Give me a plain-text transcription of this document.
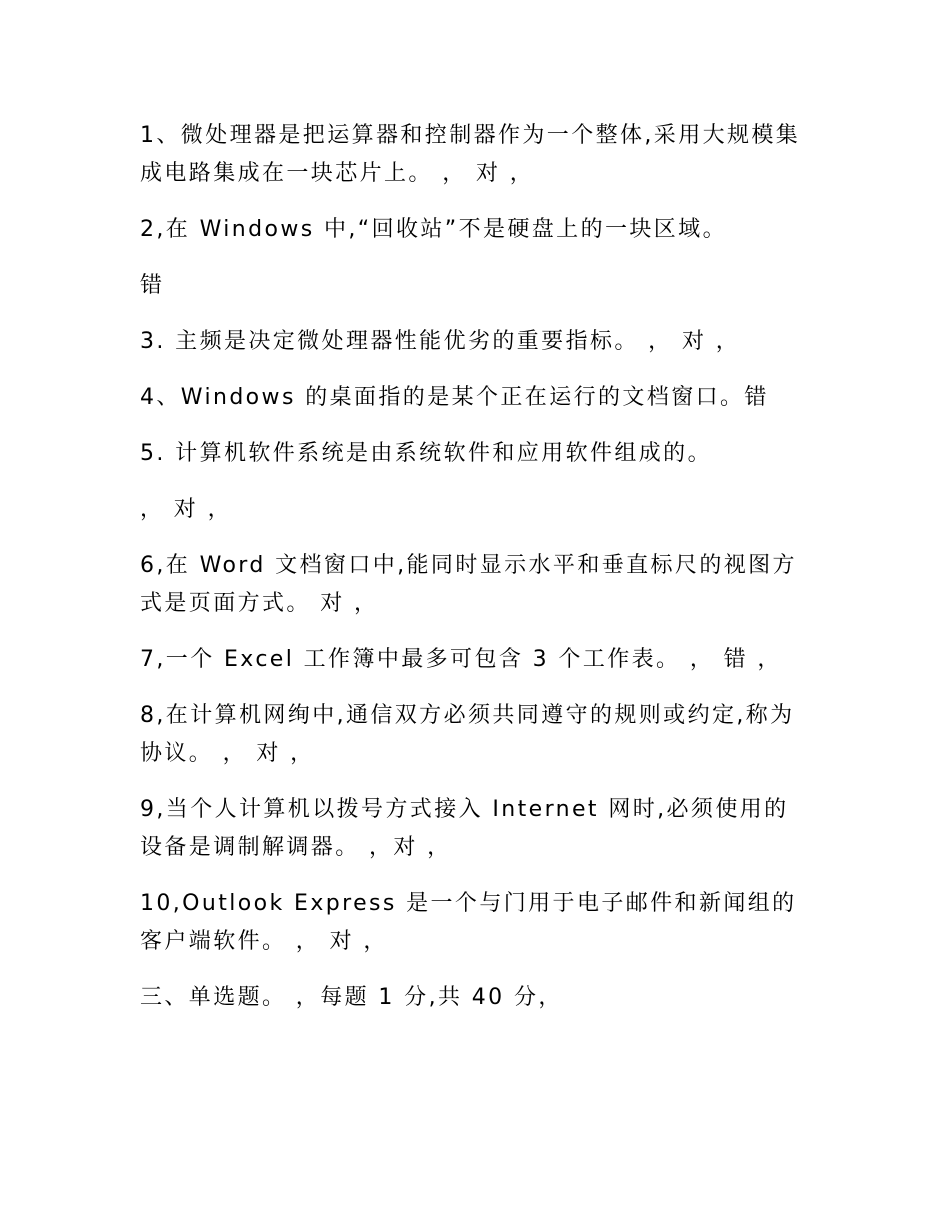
1、微处理器是把运算器和控制器作为一个整体,采用大规模集成电路集成在一块芯片上。 ， 对 ，

2,在 Windows 中,“回收站”不是硬盘上的一块区域。

错

3. 主频是决定微处理器性能优劣的重要指标。 ， 对 ，

4、Windows 的桌面指的是某个正在运行的文档窗口。错

5. 计算机软件系统是由系统软件和应用软件组成的。

， 对 ，

6,在 Word 文档窗口中,能同时显示水平和垂直标尺的视图方式是页面方式。 对 ，

7,一个 Excel 工作簿中最多可包含 3 个工作表。 ， 错 ，

8,在计算机网绚中,通信双方必须共同遵守的规则或约定,称为协议。 ， 对 ，

9,当个人计算机以拨号方式接入 Internet 网时,必须使用的设备是调制解调器。 ，对 ，

10,Outlook Express 是一个与门用于电子邮件和新闻组的客户端软件。 ， 对 ，

三、单选题。 ，每题 1 分,共 40 分，
